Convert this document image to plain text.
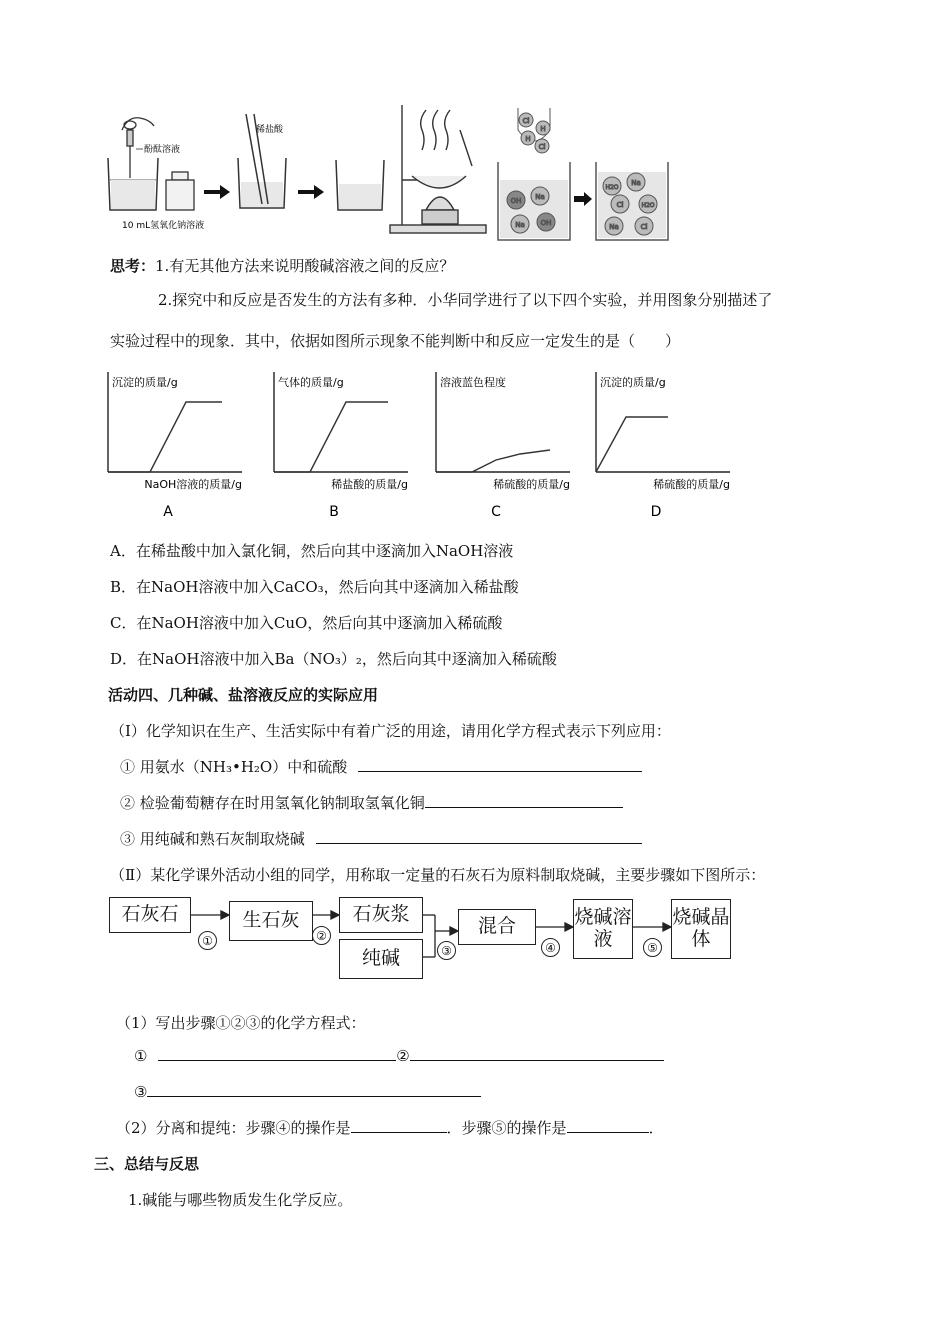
酚酞溶液
10 mL氢氧化钠溶液
稀盐酸
Cl
H
H
Cl
OH Na
Na OH
H2O
Na
Cl	H2O
Na	Cl
思考：1.有无其他方法来说明酸碱溶液之间的反应？
2.探究中和反应是否发生的方法有多种．小华同学进行了以下四个实验，并用图象分别描述了
实验过程中的现象．其中，依据如图所示现象不能判断中和反应一定发生的是（　　）
沉淀的质量/g
NaOH溶液的质量/g
A
气体的质量/g
稀盐酸的质量/g
B
溶液蓝色程度
稀硫酸的质量/g
C
沉淀的质量/g
稀硫酸的质量/g
D
A．在稀盐酸中加入氯化铜，然后向其中逐滴加入NaOH溶液
B．在NaOH溶液中加入CaCO₃，然后向其中逐滴加入稀盐酸
C．在NaOH溶液中加入CuO，然后向其中逐滴加入稀硫酸
D．在NaOH溶液中加入Ba（NO₃）₂，然后向其中逐滴加入稀硫酸
活动四、几种碱、盐溶液反应的实际应用
（Ⅰ）化学知识在生产、生活实际中有着广泛的用途，请用化学方程式表示下列应用：
① 用氨水（NH₃•H₂O）中和硫酸
② 检验葡萄糖存在时用氢氧化钠制取氢氧化铜
③ 用纯碱和熟石灰制取烧碱
（Ⅱ）某化学课外活动小组的同学，用称取一定量的石灰石为原料制取烧碱，主要步骤如下图所示：
石灰石	生石灰	石灰浆
纯碱
混合	烧碱溶液
烧碱晶体
①	②
③	④	⑤
（1）写出步骤①②③的化学方程式：
①	②
③
（2）分离和提纯：步骤④的操作是	．步骤⑤的操作是	．
三、总结与反思
1.碱能与哪些物质发生化学反应。
